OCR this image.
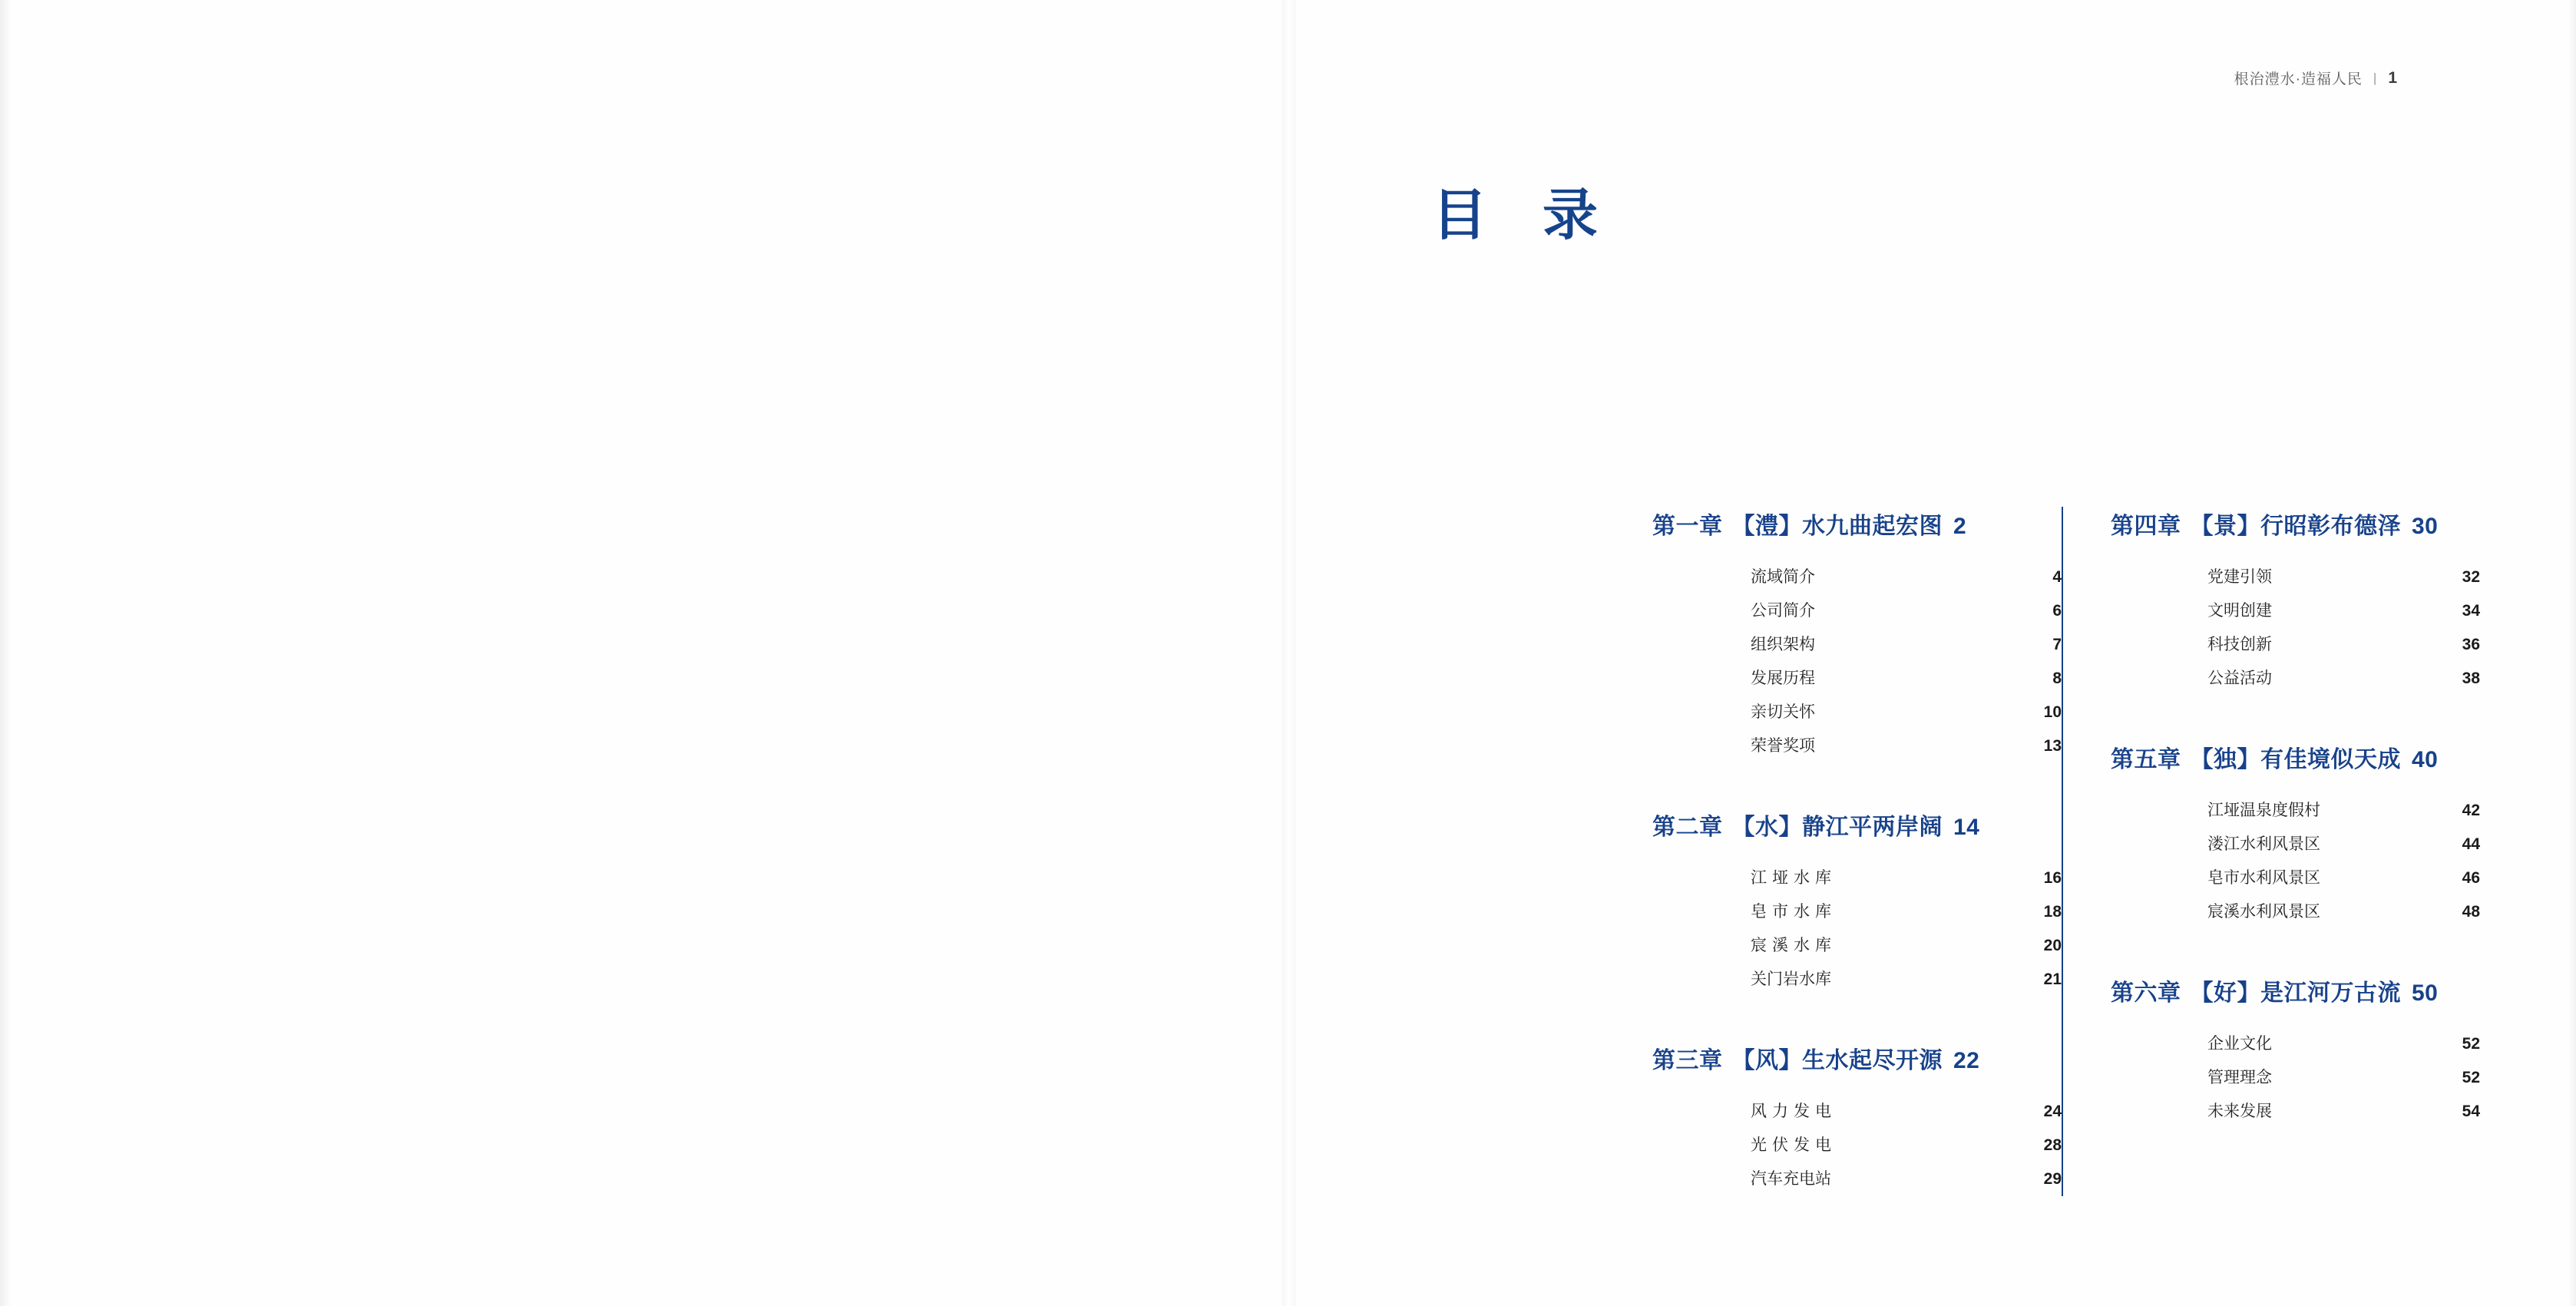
根治澧水·造福人民 | 1
目 录
第一章 【澧】水九曲起宏图 2
流域简介	4
公司简介	6
组织架构	7
发展历程	8
亲切关怀	10
荣誉奖项	13
第二章 【水】静江平两岸阔 14
江垭水库	16
皂市水库	18
宸溪水库	20
关门岩水库	21
第三章 【风】生水起尽开源 22
风力发电	24
光伏发电	28
汽车充电站	29
第四章 【景】行昭彰布德泽 30
党建引领	32
文明创建	34
科技创新	36
公益活动	38
第五章 【独】有佳境似天成 40
江垭温泉度假村	42
溇江水利风景区	44
皂市水利风景区	46
宸溪水利风景区	48
第六章 【好】是江河万古流 50
企业文化	52
管理理念	52
未来发展	54
